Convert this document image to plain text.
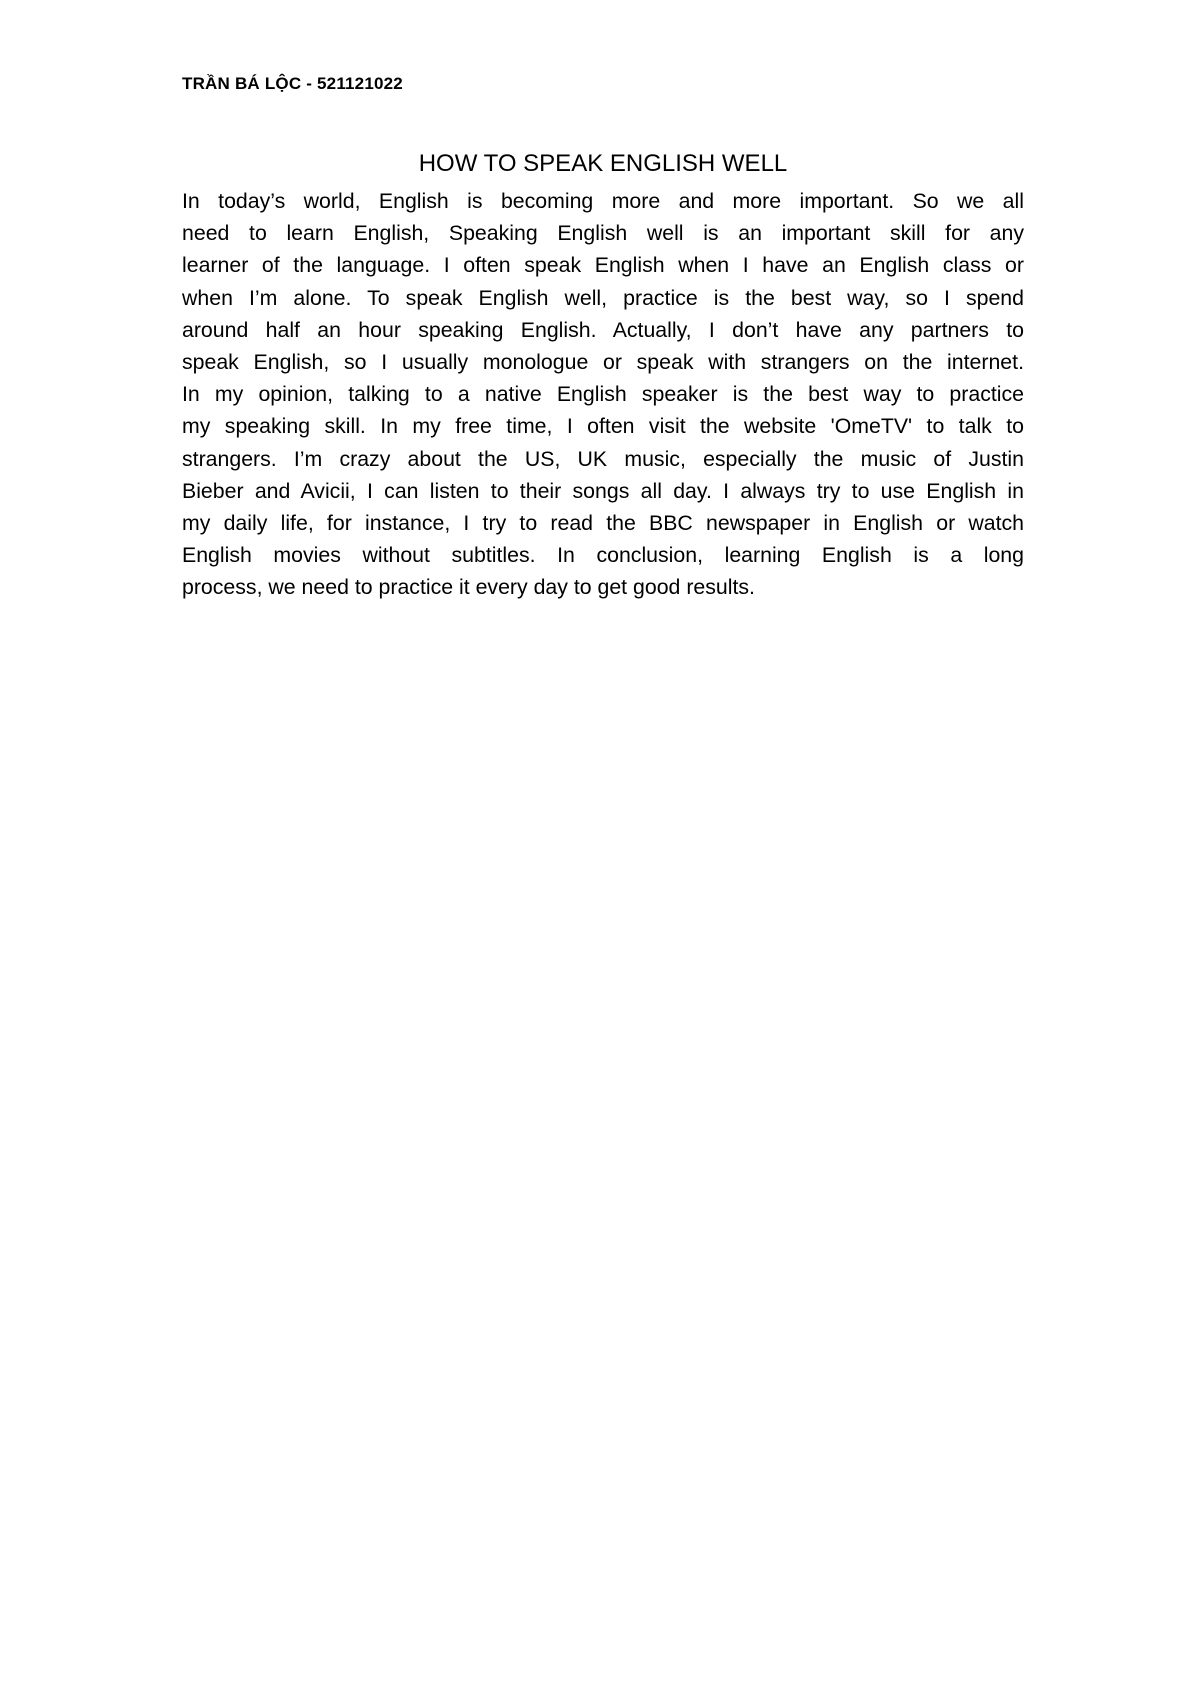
TRẦN BÁ LỘC - 521121022
HOW TO SPEAK ENGLISH WELL
In today’s world, English is becoming more and more important. So we all
need to learn English, Speaking English well is an important skill for any
learner of the language. I often speak English when I have an English class or
when I’m alone. To speak English well, practice is the best way, so I spend
around half an hour speaking English. Actually, I don’t have any partners to
speak English, so I usually monologue or speak with strangers on the internet.
In my opinion, talking to a native English speaker is the best way to practice
my speaking skill. In my free time, I often visit the website 'OmeTV' to talk to
strangers. I’m crazy about the US, UK music, especially the music of Justin
Bieber and Avicii, I can listen to their songs all day. I always try to use English in
my daily life, for instance, I try to read the BBC newspaper in English or watch
English movies without subtitles. In conclusion, learning English is a long
process, we need to practice it every day to get good results.
